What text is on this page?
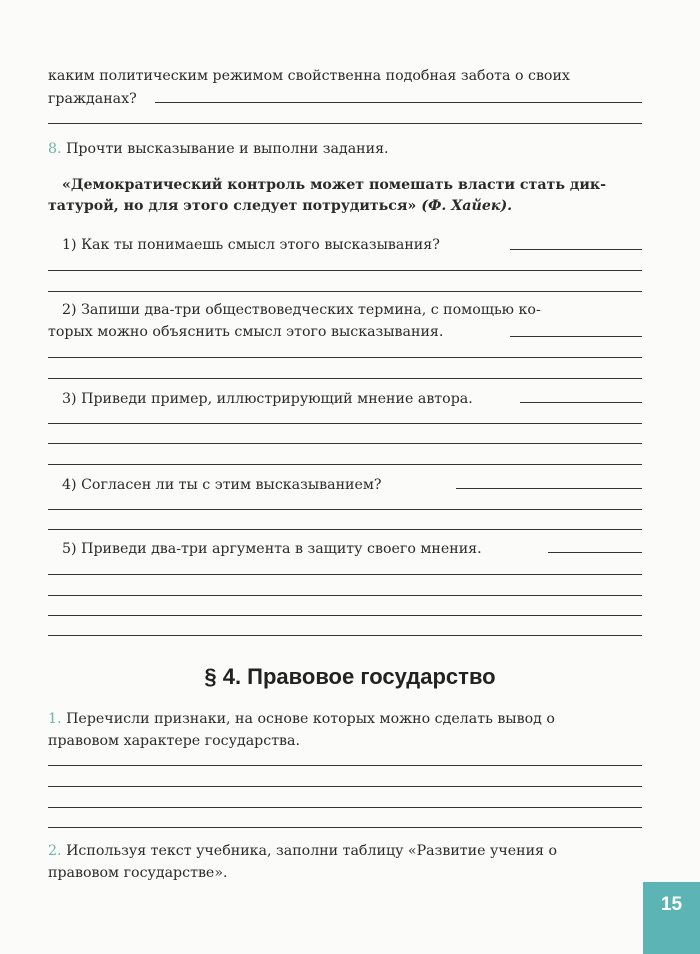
каким политическим режимом свойственна подобная забота о своих
гражданах?
8. Прочти высказывание и выполни задания.
«Демократический контроль может помешать власти стать дик-
татурой, но для этого следует потрудиться» (Ф. Хайек).
1) Как ты понимаешь смысл этого высказывания?
2) Запиши два-три обществоведческих термина, с помощью ко-
торых можно объяснить смысл этого высказывания.
3) Приведи пример, иллюстрирующий мнение автора.
4) Согласен ли ты с этим высказыванием?
5) Приведи два-три аргумента в защиту своего мнения.
§ 4. Правовое государство
1. Перечисли признаки, на основе которых можно сделать вывод о
правовом характере государства.
2. Используя текст учебника, заполни таблицу «Развитие учения о
правовом государстве».
15
